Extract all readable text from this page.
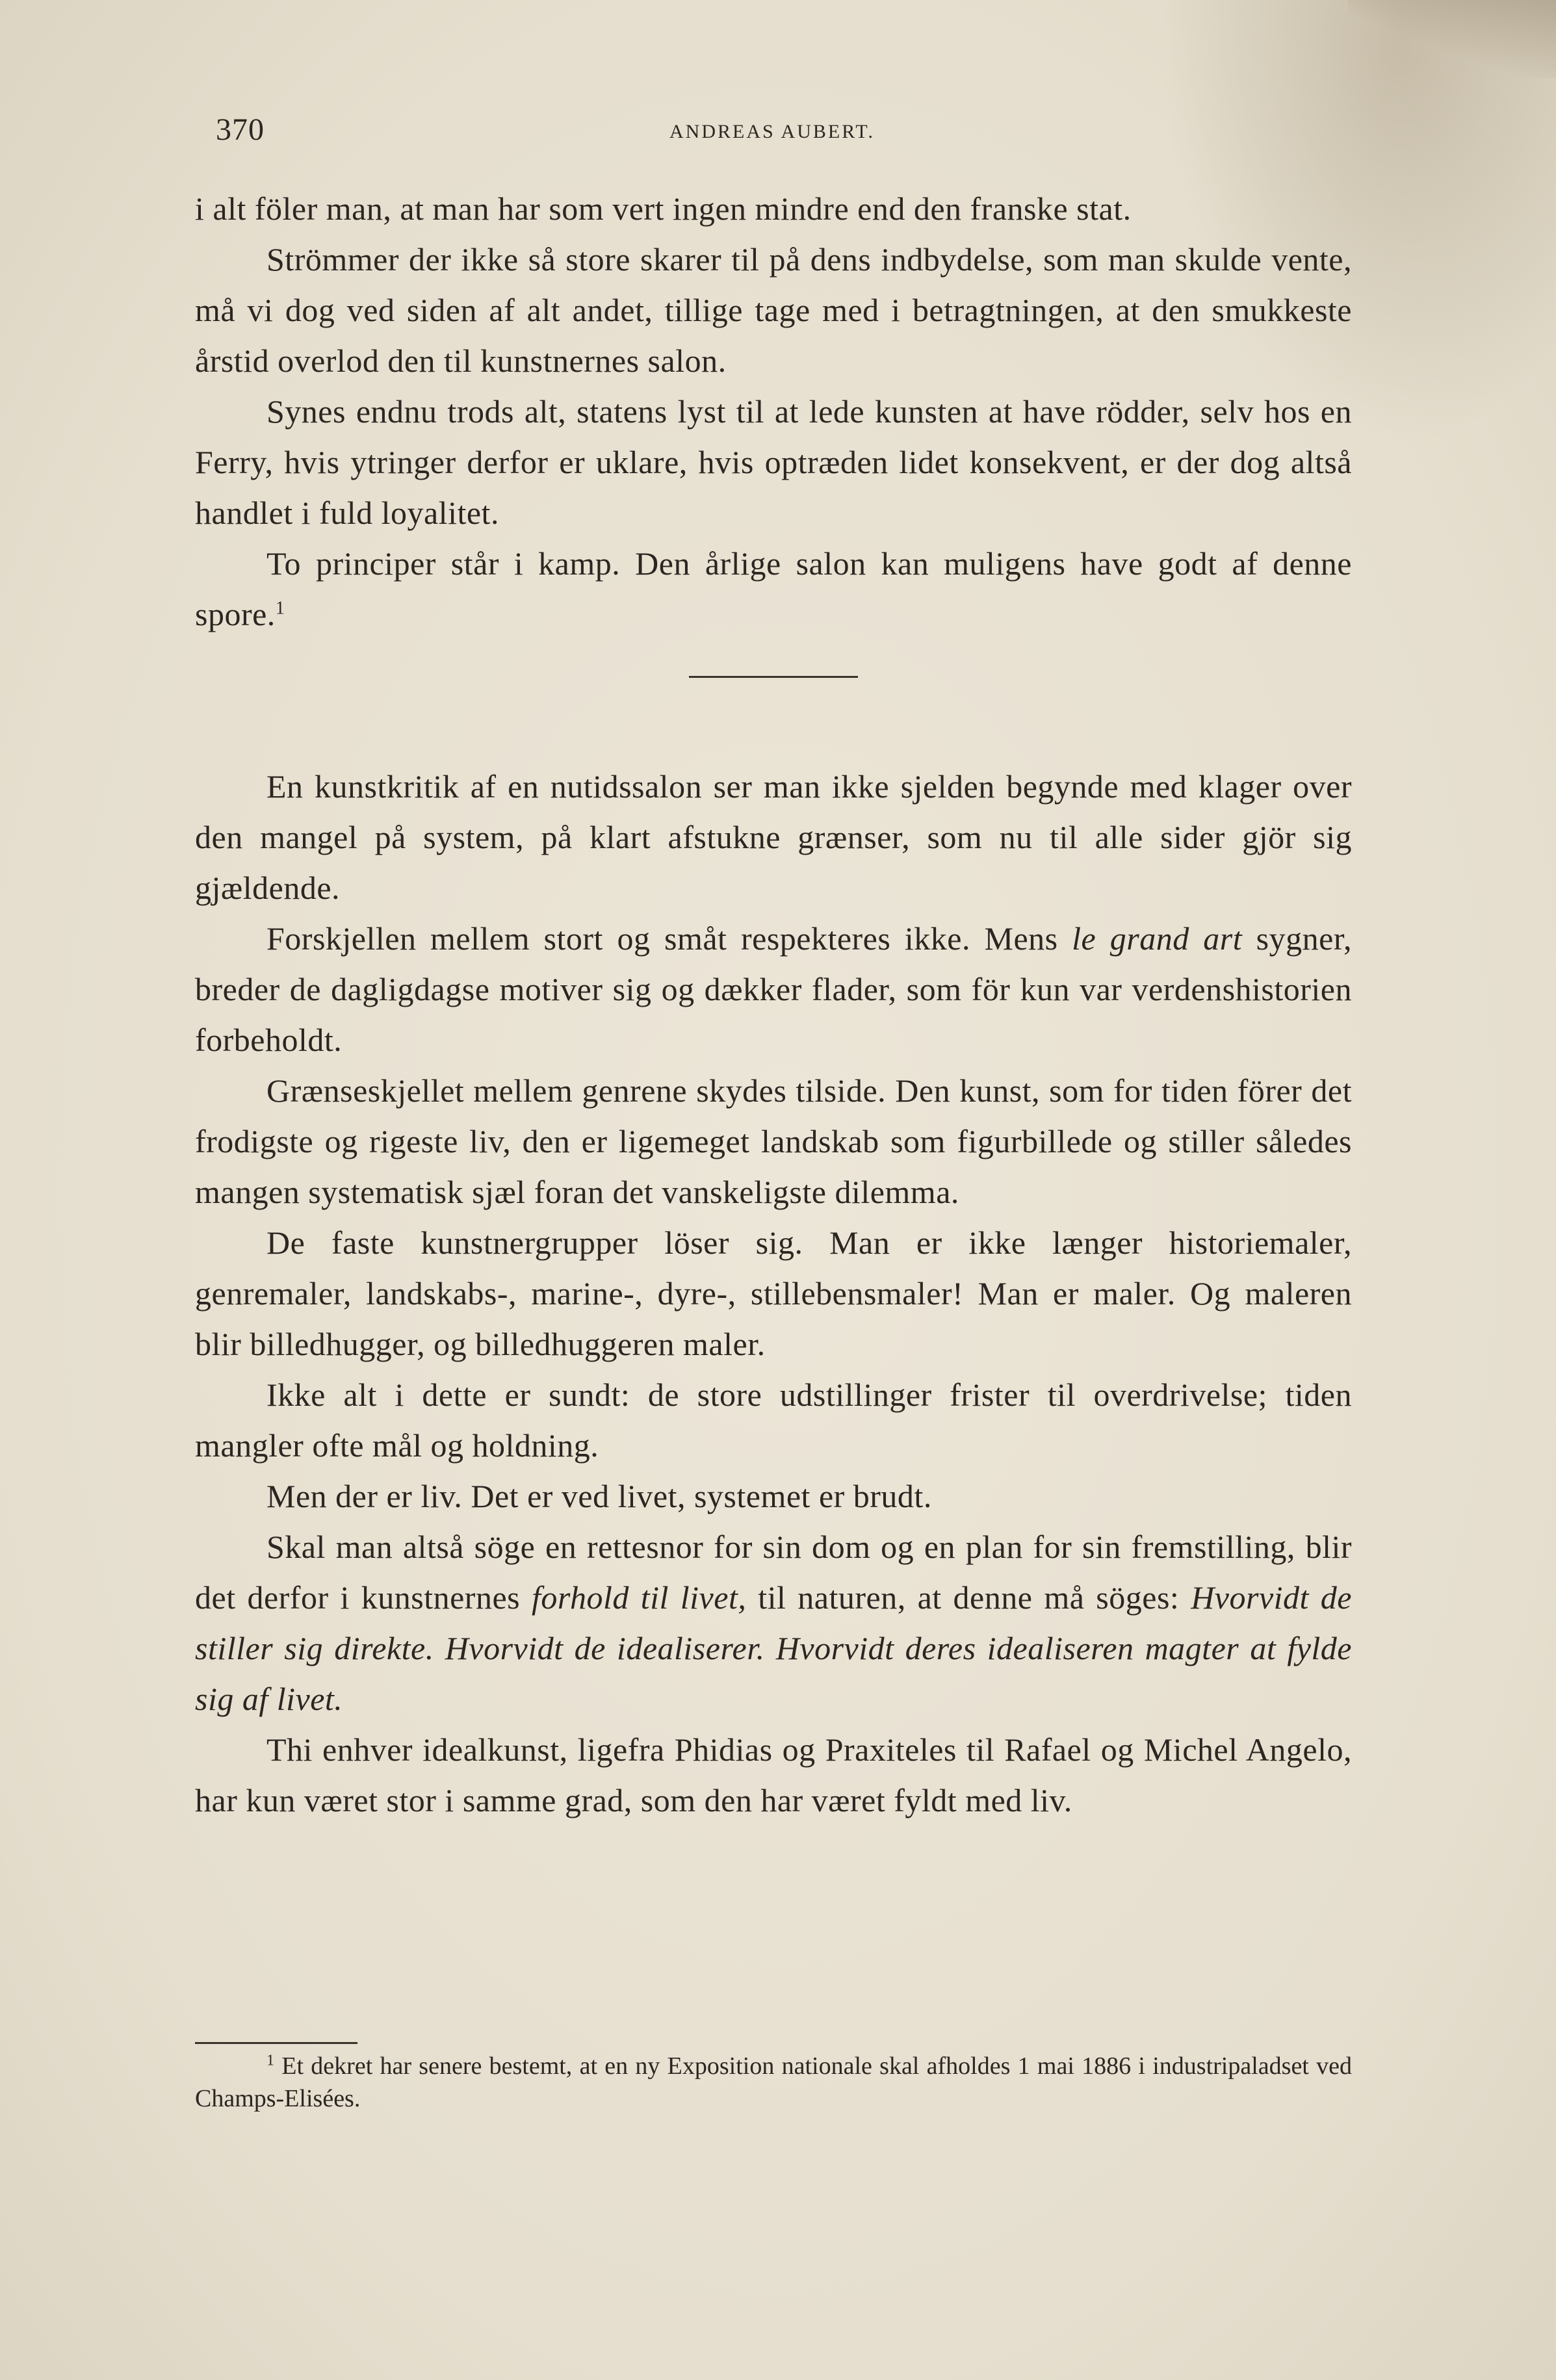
370	ANDREAS AUBERT.

i alt föler man, at man har som vert ingen mindre end den franske stat.

Strömmer der ikke så store skarer til på dens indbydelse, som man skulde vente, må vi dog ved siden af alt andet, tillige tage med i betragtningen, at den smukkeste årstid overlod den til kunstnernes salon.

Synes endnu trods alt, statens lyst til at lede kunsten at have rödder, selv hos en Ferry, hvis ytringer derfor er uklare, hvis optræden lidet konsekvent, er der dog altså handlet i fuld loyalitet.

To principer står i kamp. Den årlige salon kan muligens have godt af denne spore.$^1$

En kunstkritik af en nutidssalon ser man ikke sjelden begynde med klager over den mangel på system, på klart afstukne grænser, som nu til alle sider gjör sig gjældende.

Forskjellen mellem stort og småt respekteres ikke. Mens le grand art sygner, breder de dagligdagse motiver sig og dækker flader, som för kun var verdenshistorien forbeholdt.

Grænseskjellet mellem genrene skydes tilside. Den kunst, som for tiden förer det frodigste og rigeste liv, den er ligemeget landskab som figurbillede og stiller således mangen systematisk sjæl foran det vanskeligste dilemma.

De faste kunstnergrupper löser sig. Man er ikke længer historiemaler, genremaler, landskabs-, marine-, dyre-, stillebensmaler! Man er maler. Og maleren blir billedhugger, og billedhuggeren maler.

Ikke alt i dette er sundt: de store udstillinger frister til overdrivelse; tiden mangler ofte mål og holdning.

Men der er liv. Det er ved livet, systemet er brudt.

Skal man altså söge en rettesnor for sin dom og en plan for sin fremstilling, blir det derfor i kunstnernes forhold til livet, til naturen, at denne må söges: Hvorvidt de stiller sig direkte. Hvorvidt de idealiserer. Hvorvidt deres idealiseren magter at fylde sig af livet.

Thi enhver idealkunst, ligefra Phidias og Praxiteles til Rafael og Michel Angelo, har kun været stor i samme grad, som den har været fyldt med liv.

$^1$ Et dekret har senere bestemt, at en ny Exposition nationale skal afholdes 1 mai 1886 i industripaladset ved Champs-Elisées.
